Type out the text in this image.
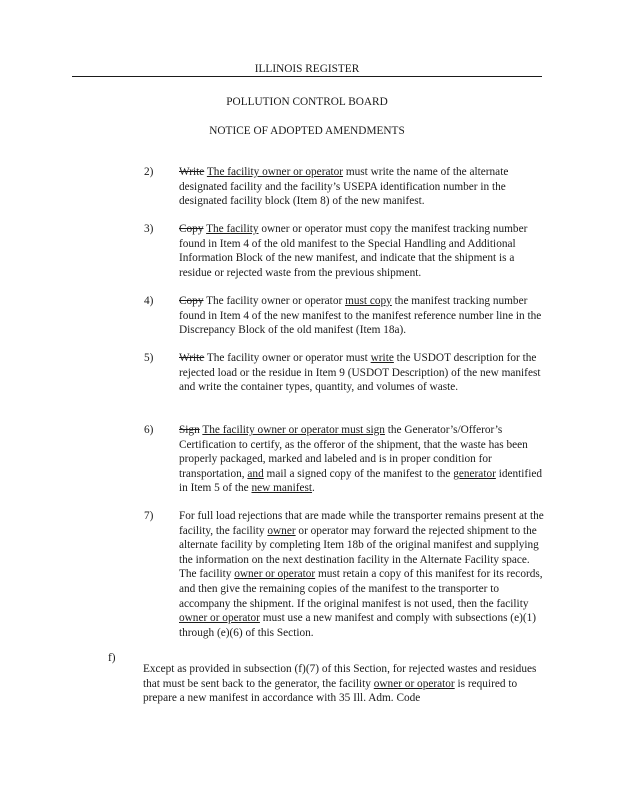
ILLINOIS REGISTER
POLLUTION CONTROL BOARD
NOTICE OF ADOPTED AMENDMENTS
2) Write The facility owner or operator must write the name of the alternate designated facility and the facility’s USEPA identification number in the designated facility block (Item 8) of the new manifest.

3) Copy The facility owner or operator must copy the manifest tracking number found in Item 4 of the old manifest to the Special Handling and Additional Information Block of the new manifest, and indicate that the shipment is a residue or rejected waste from the previous shipment.

4) Copy The facility owner or operator must copy the manifest tracking number found in Item 4 of the new manifest to the manifest reference number line in the Discrepancy Block of the old manifest (Item 18a).

5) Write The facility owner or operator must write the USDOT description for the rejected load or the residue in Item 9 (USDOT Description) of the new manifest and write the container types, quantity, and volumes of waste.

6) Sign The facility owner or operator must sign the Generator’s/Offeror’s Certification to certify, as the offeror of the shipment, that the waste has been properly packaged, marked and labeled and is in proper condition for transportation, and mail a signed copy of the manifest to the generator identified in Item 5 of the new manifest.

7) For full load rejections that are made while the transporter remains present at the facility, the facility owner or operator may forward the rejected shipment to the alternate facility by completing Item 18b of the original manifest and supplying the information on the next destination facility in the Alternate Facility space. The facility owner or operator must retain a copy of this manifest for its records, and then give the remaining copies of the manifest to the transporter to accompany the shipment. If the original manifest is not used, then the facility owner or operator must use a new manifest and comply with subsections (e)(1) through (e)(6) of this Section.

f)

Except as provided in subsection (f)(7) of this Section, for rejected wastes and residues that must be sent back to the generator, the facility owner or operator is required to prepare a new manifest in accordance with 35 Ill. Adm. Code
